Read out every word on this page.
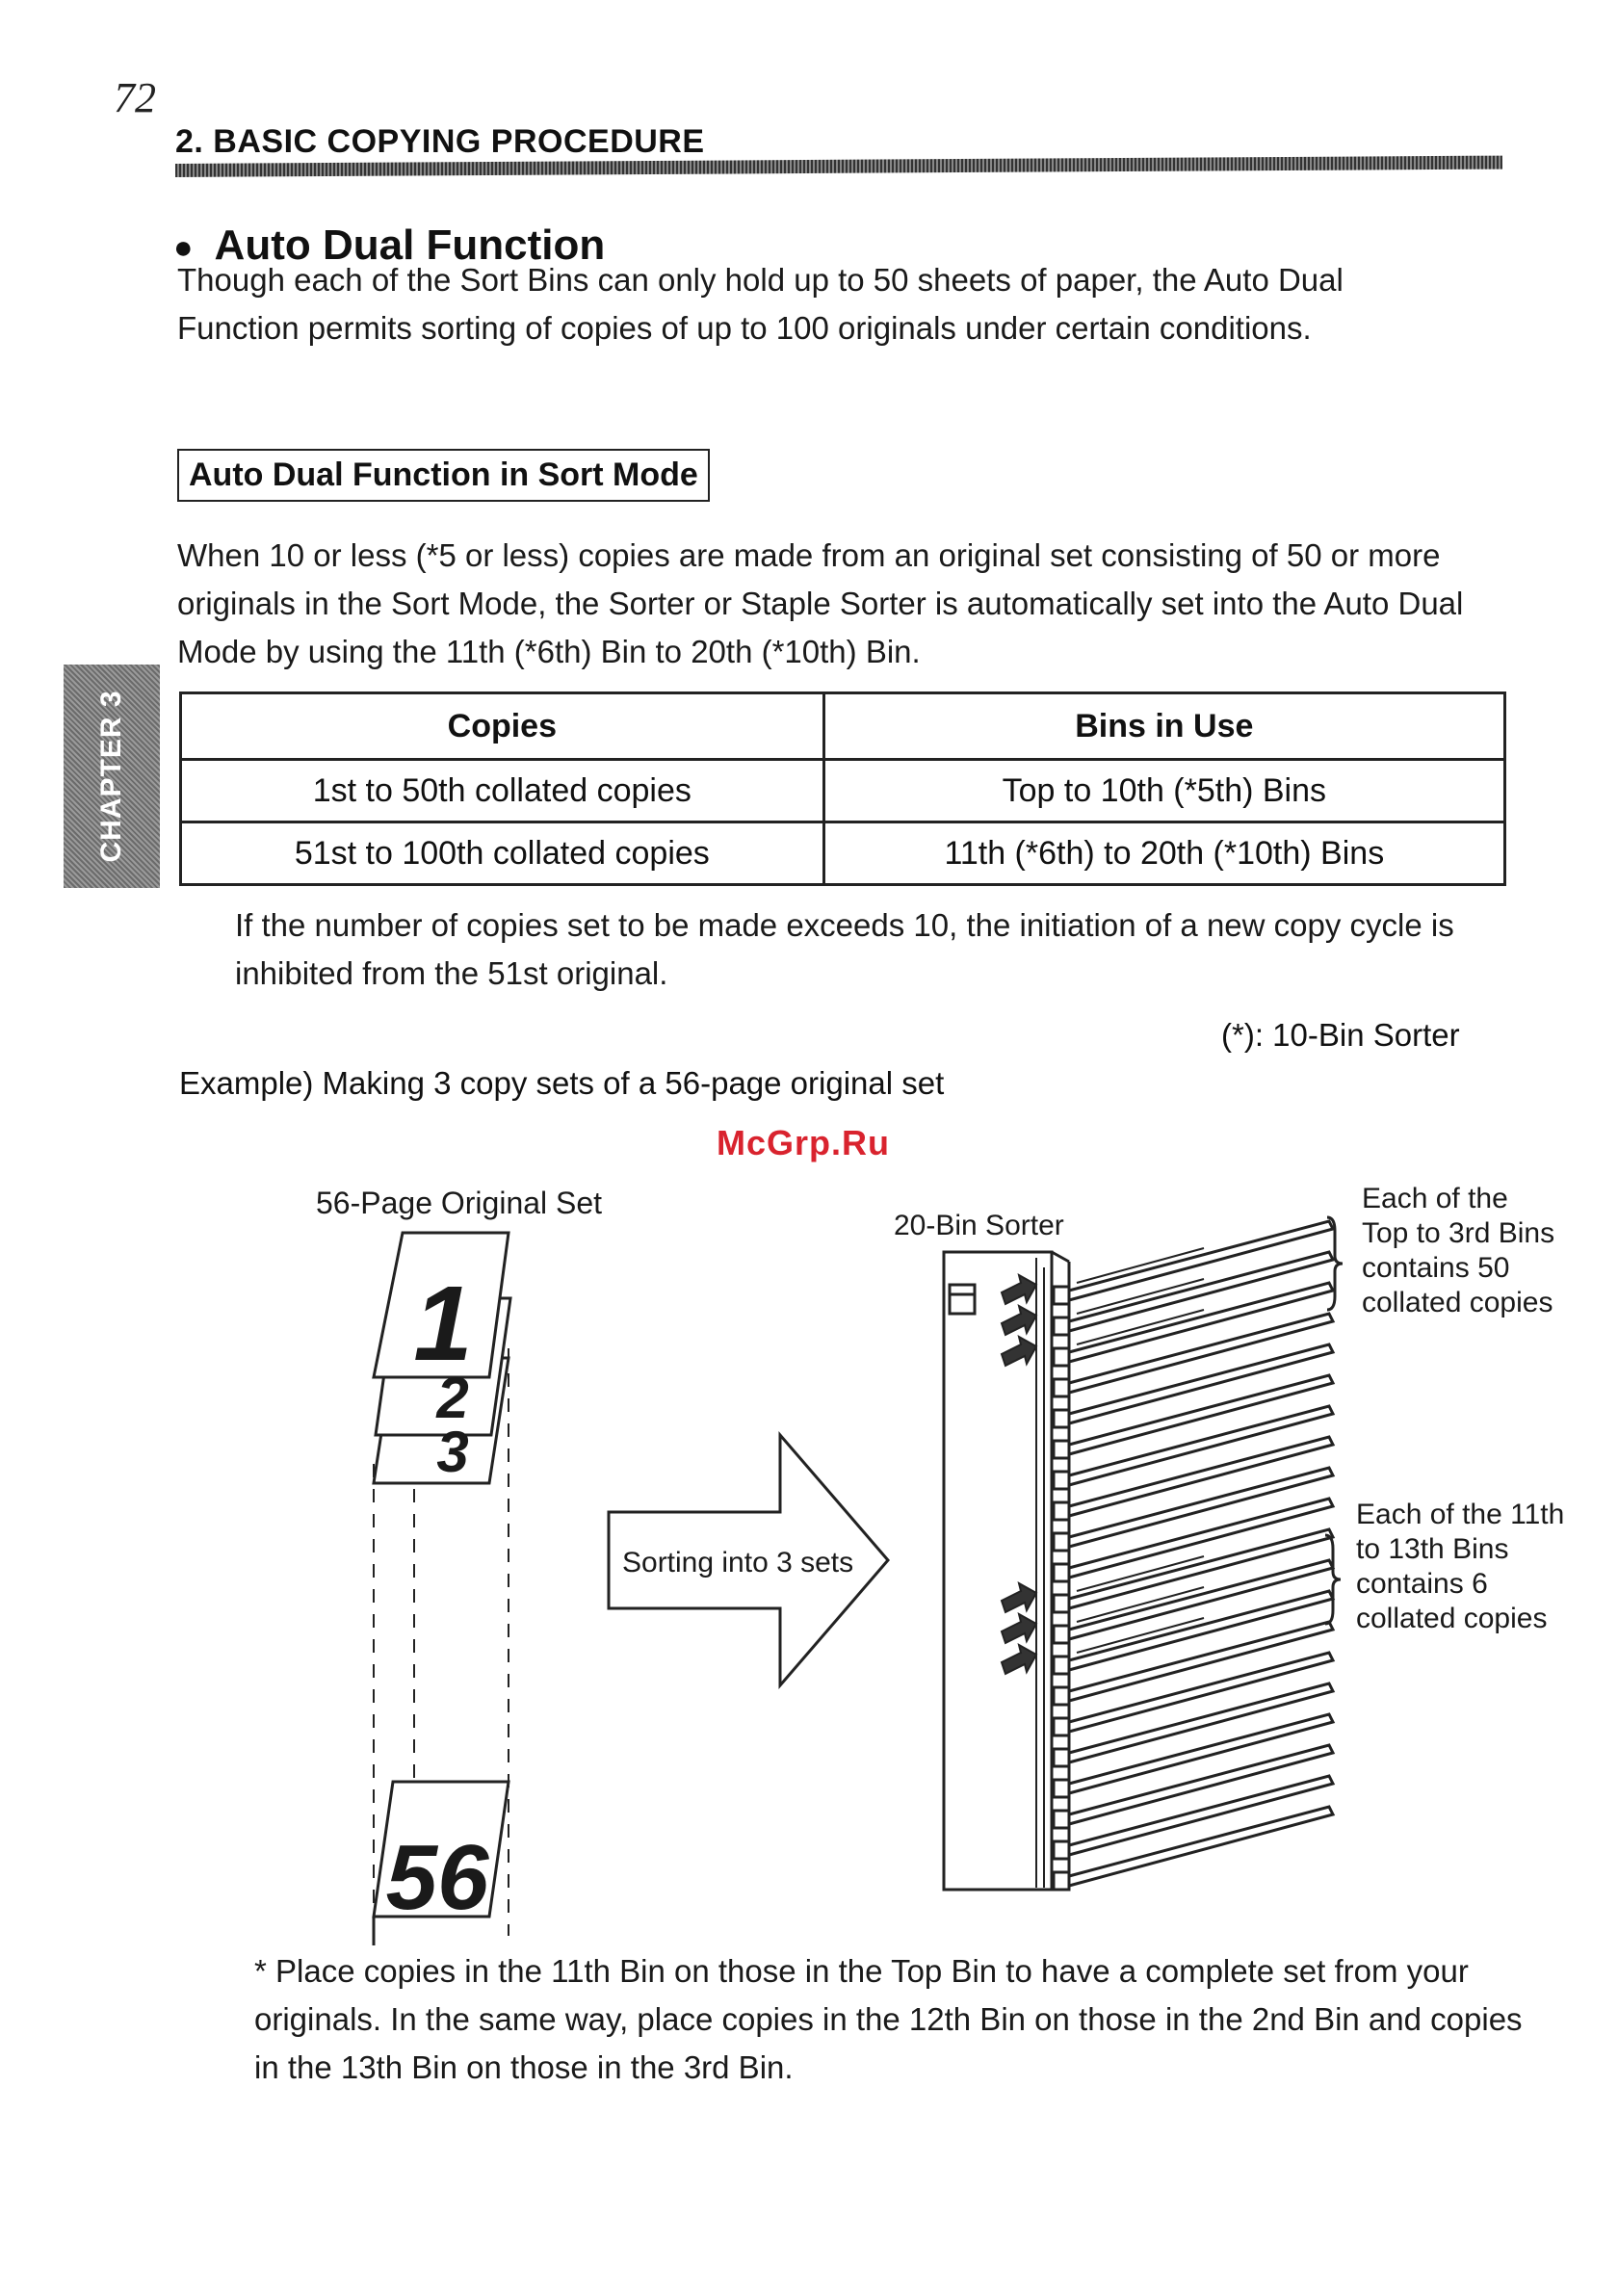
72
2. BASIC COPYING PROCEDURE
CHAPTER 3
● Auto Dual Function
Though each of the Sort Bins can only hold up to 50 sheets of paper, the Auto Dual Function permits sorting of copies of up to 100 originals under certain conditions.
Auto Dual Function in Sort Mode
When 10 or less (*5 or less) copies are made from an original set consisting of 50 or more originals in the Sort Mode, the Sorter or Staple Sorter is automatically set into the Auto Dual Mode by using the 11th (*6th) Bin to 20th (*10th) Bin.
Copies	Bins in Use
1st to 50th collated copies	Top to 10th (*5th) Bins
51st to 100th collated copies	11th (*6th) to 20th (*10th) Bins
If the number of copies set to be made exceeds 10, the initiation of a new copy cycle is inhibited from the 51st original.
(*): 10-Bin Sorter
Example) Making 3 copy sets of a 56-page original set
McGrp.Ru
56-Page Original Set
3
2
1
56
Sorting into 3 sets
20-Bin Sorter
Each of the
Top to 3rd Bins
contains 50
collated copies
Each of the 11th
to 13th Bins
contains 6
collated copies
* Place copies in the 11th Bin on those in the Top Bin to have a complete set from your originals. In the same way, place copies in the 12th Bin on those in the 2nd Bin and copies in the 13th Bin on those in the 3rd Bin.
